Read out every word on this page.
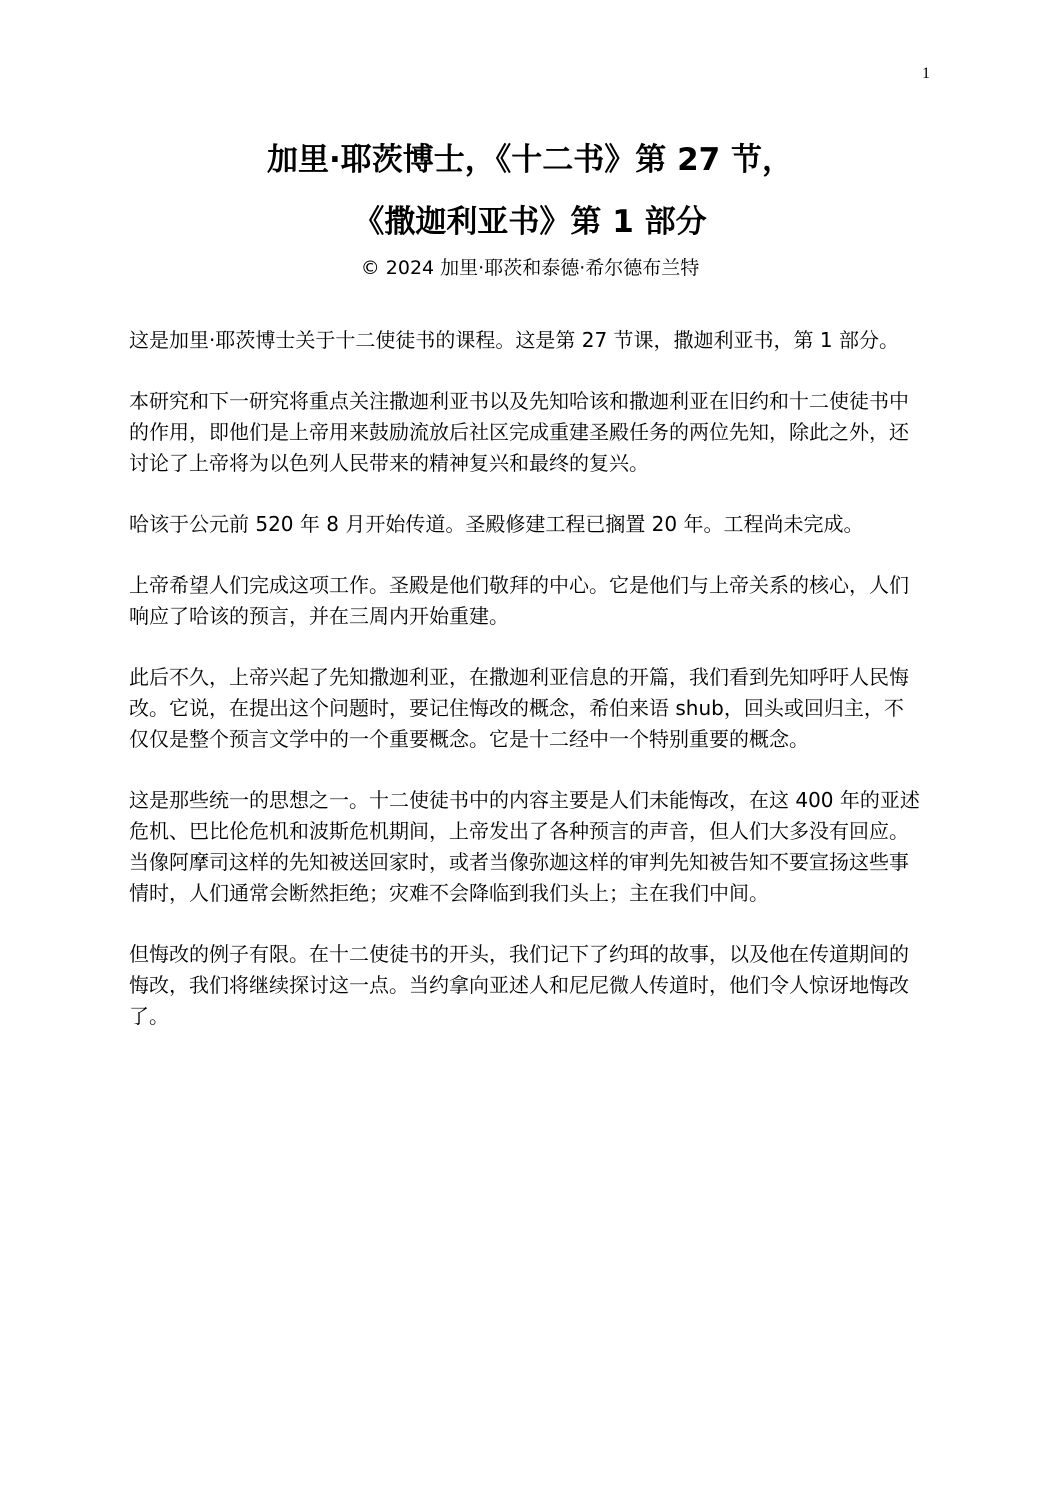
1
加里·耶茨博士，《十二书》第 27 节，
《撒迦利亚书》第 1 部分
© 2024 加里·耶茨和泰德·希尔德布兰特

这是加里·耶茨博士关于十二使徒书的课程。这是第 27 节课，撒迦利亚书，第 1 部分。

本研究和下一研究将重点关注撒迦利亚书以及先知哈该和撒迦利亚在旧约和十二使徒书中的作用，即他们是上帝用来鼓励流放后社区完成重建圣殿任务的两位先知，除此之外，还讨论了上帝将为以色列人民带来的精神复兴和最终的复兴。

哈该于公元前 520 年 8 月开始传道。圣殿修建工程已搁置 20 年。工程尚未完成。

上帝希望人们完成这项工作。圣殿是他们敬拜的中心。它是他们与上帝关系的核心，人们响应了哈该的预言，并在三周内开始重建。

此后不久，上帝兴起了先知撒迦利亚，在撒迦利亚信息的开篇，我们看到先知呼吁人民悔改。它说，在提出这个问题时，要记住悔改的概念，希伯来语 shub，回头或回归主，不仅仅是整个预言文学中的一个重要概念。它是十二经中一个特别重要的概念。

这是那些统一的思想之一。十二使徒书中的内容主要是人们未能悔改，在这 400 年的亚述危机、巴比伦危机和波斯危机期间，上帝发出了各种预言的声音，但人们大多没有回应。当像阿摩司这样的先知被送回家时，或者当像弥迦这样的审判先知被告知不要宣扬这些事情时，人们通常会断然拒绝；灾难不会降临到我们头上；主在我们中间。

但悔改的例子有限。在十二使徒书的开头，我们记下了约珥的故事，以及他在传道期间的悔改，我们将继续探讨这一点。当约拿向亚述人和尼尼微人传道时，他们令人惊讶地悔改了。
